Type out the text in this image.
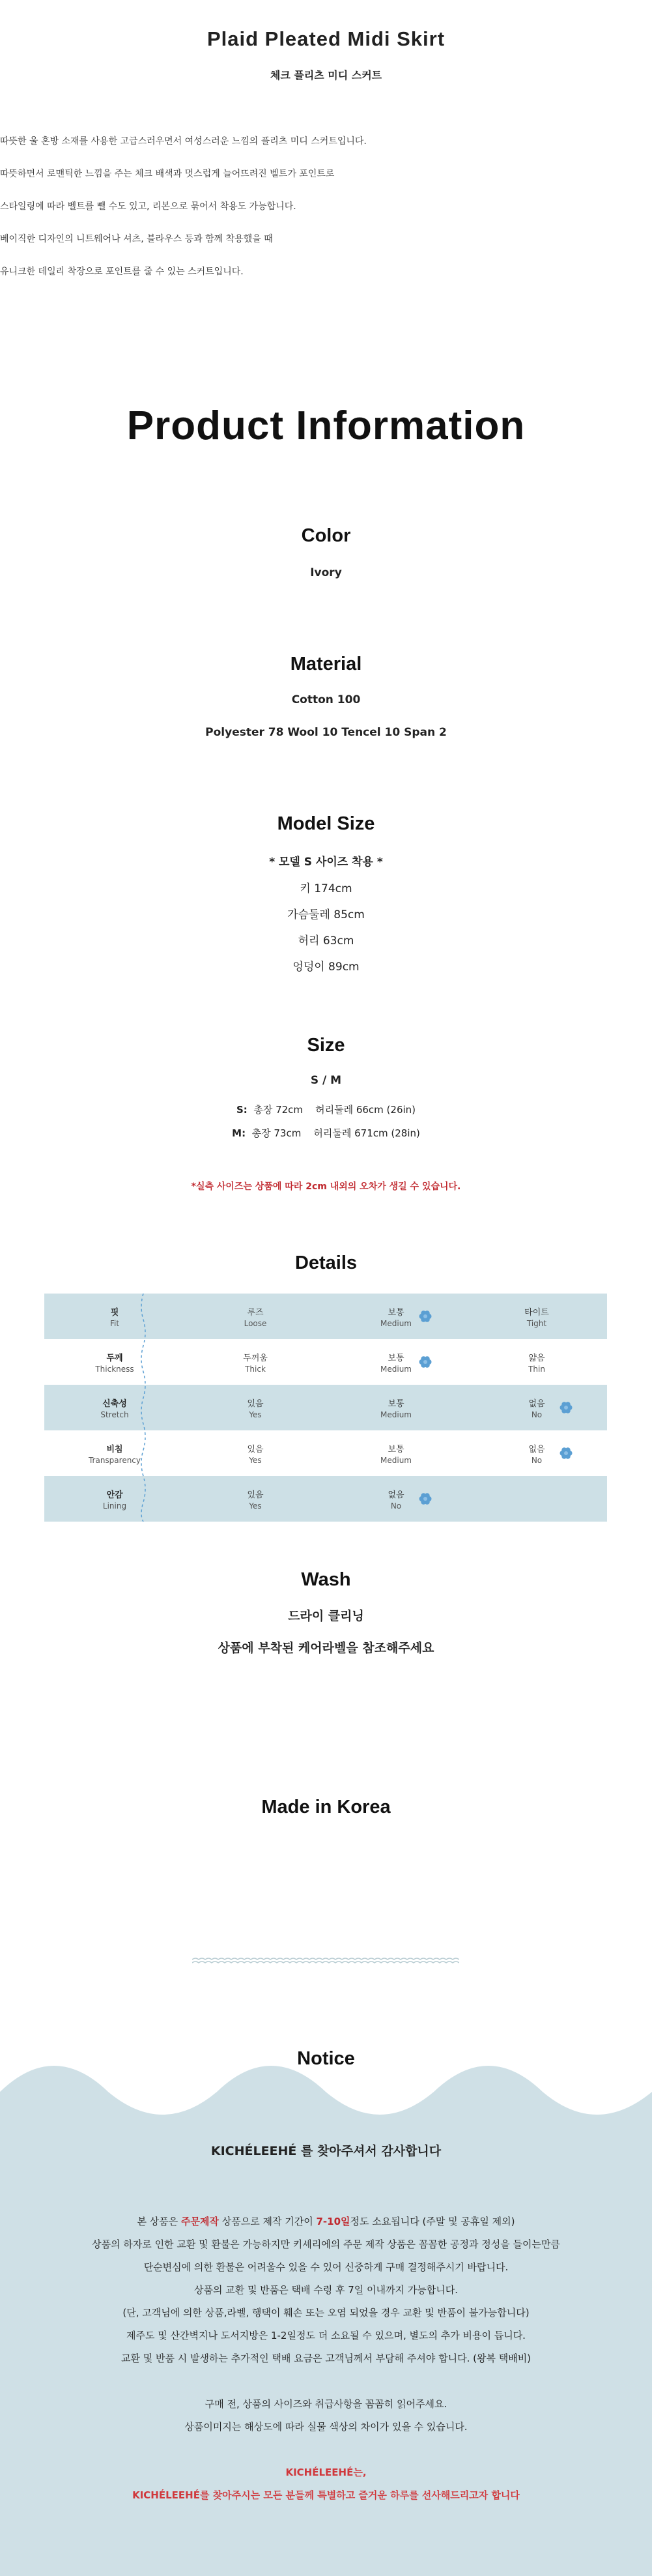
Plaid Pleated Midi Skirt
체크 플리츠 미디 스커트

따뜻한 울 혼방 소재를 사용한 고급스러우면서 여성스러운 느낌의 플리츠 미디 스커트입니다.

따뜻하면서 로맨틱한 느낌을 주는 체크 배색과 멋스럽게 늘어뜨려진 벨트가 포인트로

스타일링에 따라 벨트를 뺄 수도 있고, 리본으로 묶어서 착용도 가능합니다.

베이직한 디자인의 니트웨어나 셔츠, 블라우스 등과 함께 착용했을 때

유니크한 데일리 착장으로 포인트를 줄 수 있는 스커트입니다.

Product Information
Color
Ivory
Material
Cotton 100
Polyester 78 Wool 10 Tencel 10 Span 2
Model Size
* 모델 S 사이즈 착용 *
키 174cm
가슴둘레 85cm
허리 63cm
엉덩이 89cm
Size
S / M
S: 총장 72cm 허리둘레 66cm (26in)
M: 총장 73cm 허리둘레 671cm (28in)
*실측 사이즈는 상품에 따라 2cm 내외의 오차가 생길 수 있습니다.
Details
핏
Fit
루즈
Loose
보통
Medium
타이트
Tight
두께
Thickness
두꺼움
Thick
보통
Medium
얇음
Thin
신축성
Stretch
있음
Yes
보통
Medium
없음
No
비침
Transparency
있음
Yes
보통
Medium
없음
No
안감
Lining
있음
Yes
없음
No
Wash
드라이 클리닝
상품에 부착된 케어라벨을 참조해주세요
Made in Korea
Notice

KICHÉLEEHÉ 를 찾아주셔서 감사합니다

본 상품은 주문제작 상품으로 제작 기간이 7-10일정도 소요됩니다 (주말 및 공휴일 제외)

상품의 하자로 인한 교환 및 환불은 가능하지만 키셰리에의 주문 제작 상품은 꼼꼼한 공정과 정성을 들이는만큼

단순변심에 의한 환불은 어려울수 있을 수 있어 신중하게 구매 결정해주시기 바랍니다.

상품의 교환 및 반품은 택배 수령 후 7일 이내까지 가능합니다.

(단, 고객님에 의한 상품,라벨, 행택이 훼손 또는 오염 되었을 경우 교환 및 반품이 불가능합니다)

제주도 및 산간벽지나 도서지방은 1-2일정도 더 소요될 수 있으며, 별도의 추가 비용이 듭니다.

교환 및 반품 시 발생하는 추가적인 택배 요금은 고객님께서 부담해 주셔야 합니다. (왕복 택배비)

구매 전, 상품의 사이즈와 취급사항을 꼼꼼히 읽어주세요.

상품이미지는 해상도에 따라 실물 색상의 차이가 있을 수 있습니다.

KICHÉLEEHÉ는,

KICHÉLEEHÉ를 찾아주시는 모든 분들께 특별하고 즐거운 하루를 선사해드리고자 합니다
